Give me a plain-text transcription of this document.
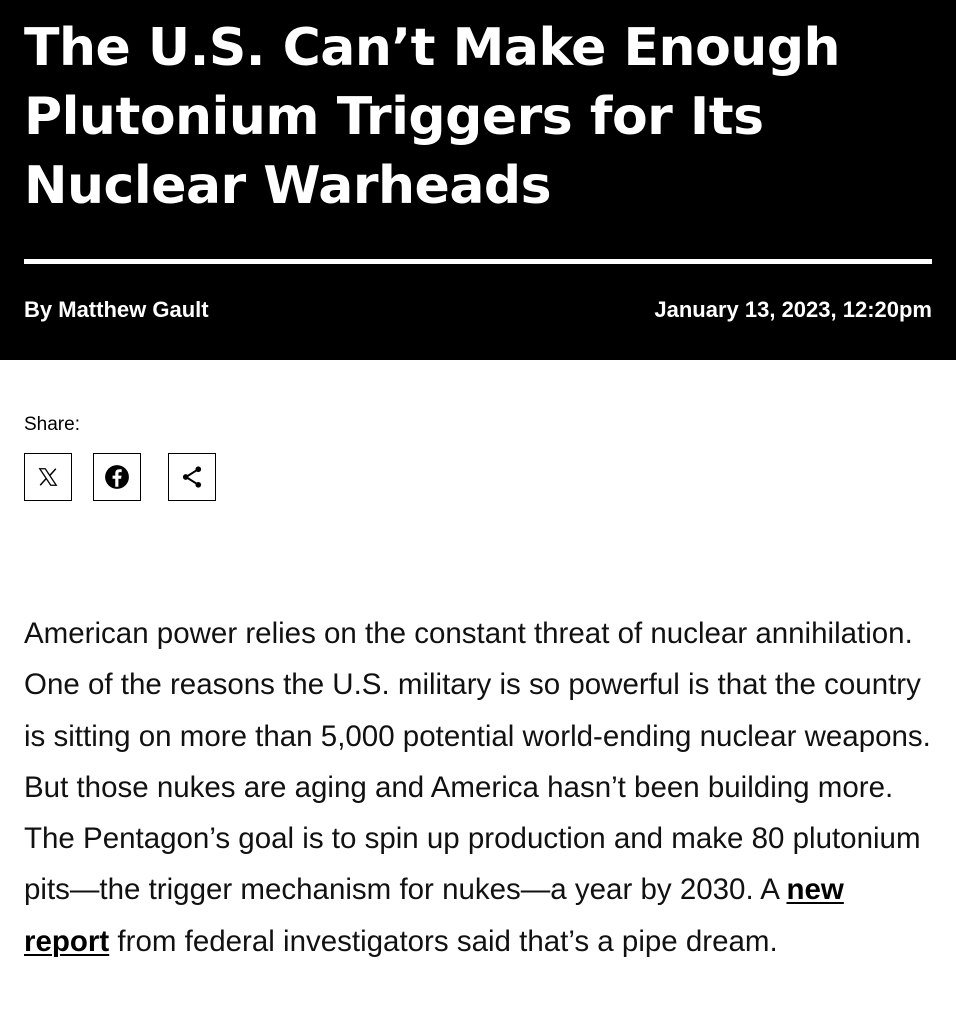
The U.S. Can’t Make Enough Plutonium Triggers for Its Nuclear Warheads
By Matthew Gault	January 13, 2023, 12:20pm
Share:

American power relies on the constant threat of nuclear annihilation. One of the reasons the U.S. military is so powerful is that the country is sitting on more than 5,000 potential world-ending nuclear weapons. But those nukes are aging and America hasn’t been building more. The Pentagon’s goal is to spin up production and make 80 plutonium pits—the trigger mechanism for nukes—a year by 2030. A new report from federal investigators said that’s a pipe dream.
